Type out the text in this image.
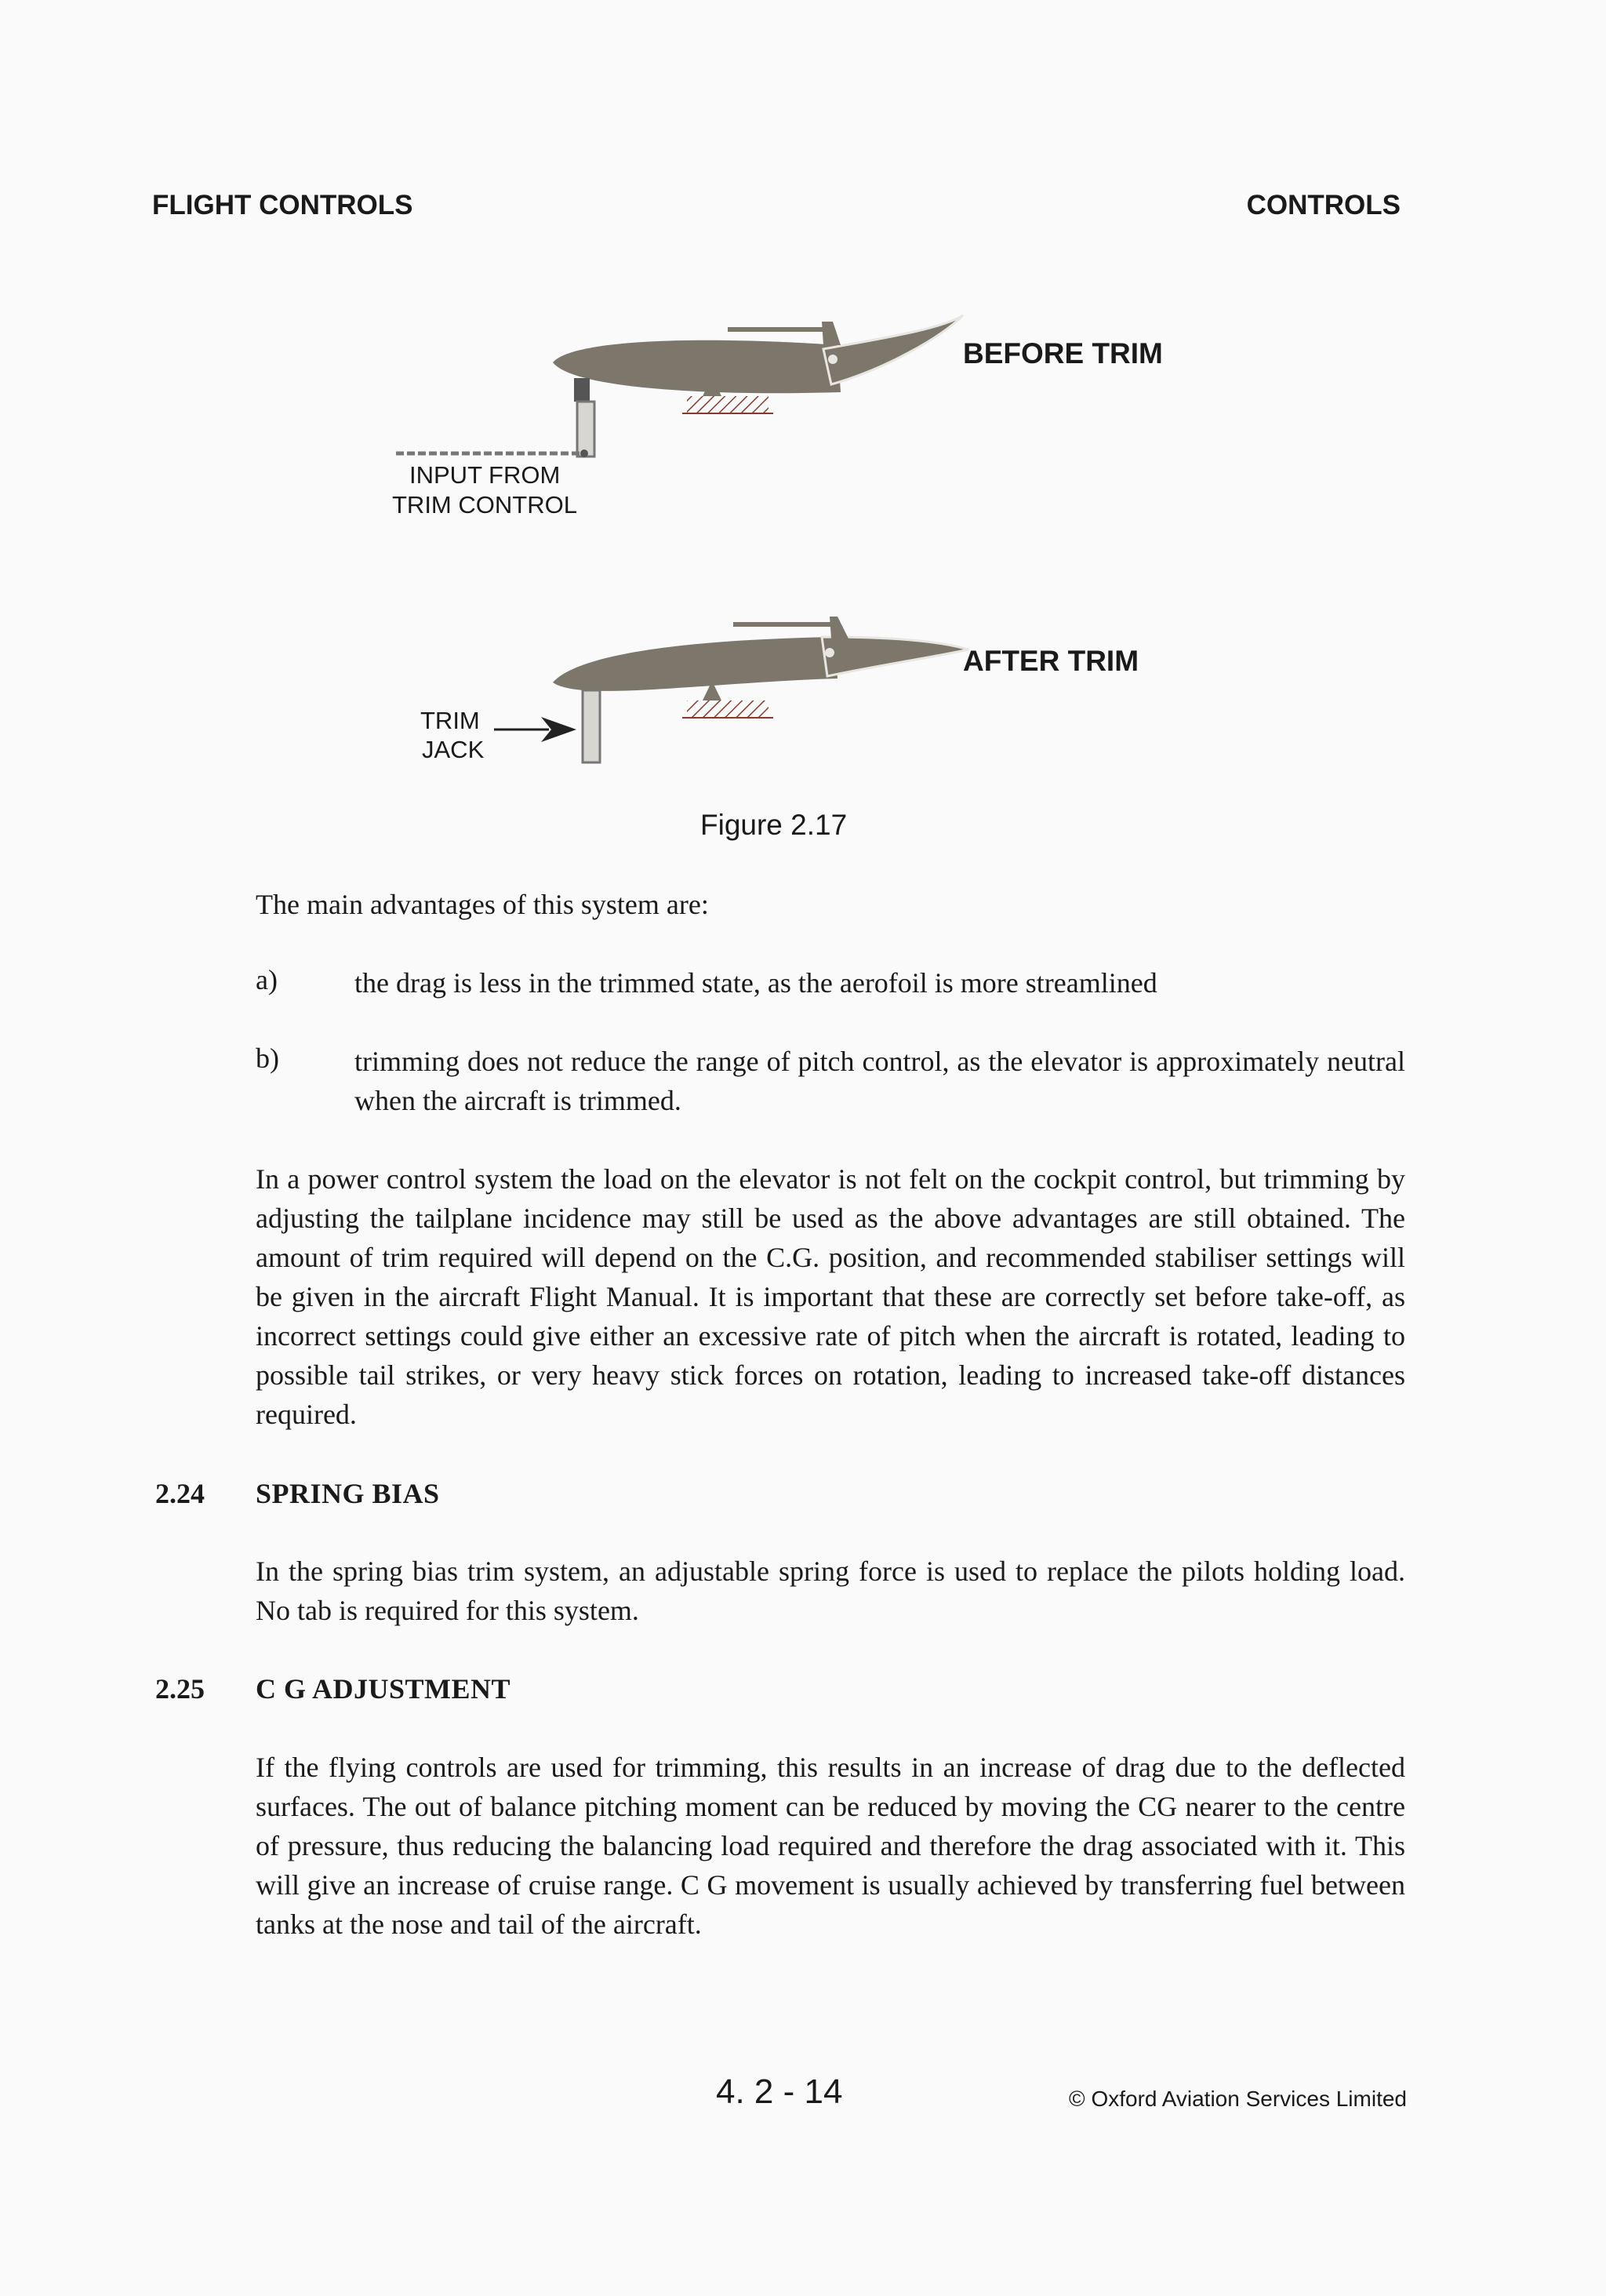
FLIGHT CONTROLS	CONTROLS
BEFORE TRIM
INPUT FROM
TRIM CONTROL
AFTER TRIM
TRIM
JACK
Figure 2.17
The main advantages of this system are:
a)	the drag is less in the trimmed state, as the aerofoil is more streamlined
b)	trimming does not reduce the range of pitch control, as the elevator is approximately neutral when the aircraft is trimmed.
In a power control system the load on the elevator is not felt on the cockpit control, but trimming by adjusting the tailplane incidence may still be used as the above advantages are still obtained. The amount of trim required will depend on the C.G. position, and recommended stabiliser settings will be given in the aircraft Flight Manual. It is important that these are correctly set before take-off, as incorrect settings could give either an excessive rate of pitch when the aircraft is rotated, leading to possible tail strikes, or very heavy stick forces on rotation, leading to increased take-off distances required.
2.24 SPRING BIAS
In the spring bias trim system, an adjustable spring force is used to replace the pilots holding load. No tab is required for this system.
2.25 C G ADJUSTMENT
If the flying controls are used for trimming, this results in an increase of drag due to the deflected surfaces. The out of balance pitching moment can be reduced by moving the CG nearer to the centre of pressure, thus reducing the balancing load required and therefore the drag associated with it. This will give an increase of cruise range. C G movement is usually achieved by transferring fuel between tanks at the nose and tail of the aircraft.
4. 2 - 14	© Oxford Aviation Services Limited
